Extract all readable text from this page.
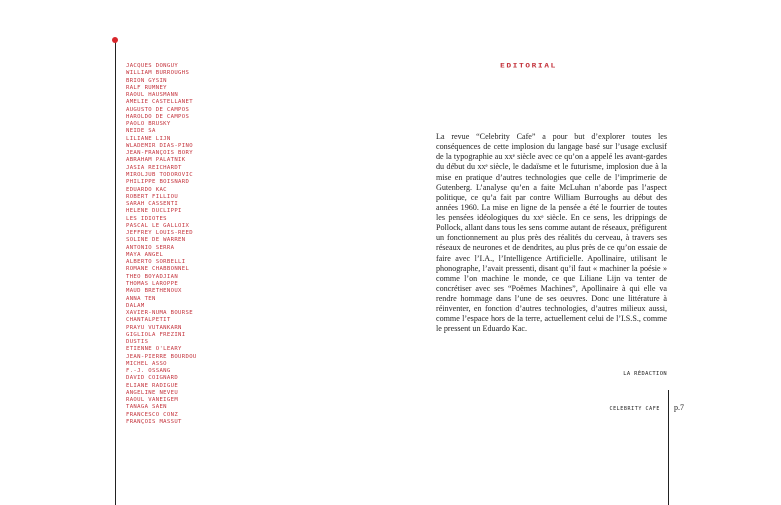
JACQUES DONGUY
WILLIAM BURROUGHS
BRION GYSIN
RALF RUMNEY
RAOUL HAUSMANN
AMELIE CASTELLANET
AUGUSTO DE CAMPOS
HAROLDO DE CAMPOS
PAOLO BRUSKY
NEIDE SA
LILIANE LIJN
WLADEMIR DIAS-PINO
JEAN-FRANÇOIS BORY
ABRAHAM PALATNIK
JASIA REICHARDT
MIROLJUB TODOROVIC
PHILIPPE BOISNARD
EDUARDO KAC
ROBERT FILLIOU
SARAH CASSENTI
HELENE DUCLIPPI
LES IDIOTES
PASCAL LE GALLOIX
JEFFREY LOUIS-REED
SOLINE DE WARREN
ANTONIO SERRA
MAYA ANGEL
ALBERTO SORBELLI
ROMANE CHABBONNEL
THEO BOYADJIAN
THOMAS LAROPPE
MAUD BRETHENOUX
ANNA TEN
DALAM
XAVIER-NUMA BOURSE
CHANTALPETIT
PRAYU VUTANKARN
GIGLIOLA FREZINI
DUSTIS
ETIENNE O'LEARY
JEAN-PIERRE BOURDOU
MICHEL ASSO
F.-J. OSSANG
DAVID COIGNARD
ELIANE RADIGUE
ANGELINE NEVEU
RAOUL VANEIGEM
TANAGA SAEN
FRANCESCO CONZ
FRANÇOIS MASSUT
EDITORIAL

La revue “Celebrity Cafe” a pour but d’explorer toutes les conséquences de cette implosion du langage basé sur l’usage exclusif de la typographie au xxᵉ siècle avec ce qu’on a appelé les avant-gardes du début du xxᵉ siècle, le dadaïsme et le futurisme, implosion due à la mise en pratique d’autres technologies que celle de l’imprimerie de Gutenberg. L’analyse qu’en a faite McLuhan n’aborde pas l’aspect politique, ce qu’a fait par contre William Burroughs au début des années 1960. La mise en ligne de la pensée a été le fourrier de toutes les pensées idéologiques du xxᵉ siècle. En ce sens, les drippings de Pollock, allant dans tous les sens comme autant de réseaux, préfigurent un fonctionnement au plus près des réalités du cerveau, à travers ses réseaux de neurones et de dendrites, au plus près de ce qu’on essaie de faire avec l’I.A., l’Intelligence Artificielle. Apollinaire, utilisant le phonographe, l’avait pressenti, disant qu’il faut « machiner la poésie » comme l’on machine le monde, ce que Liliane Lijn va tenter de concrétiser avec ses “Poëmes Machines”, Apollinaire à qui elle va rendre hommage dans l’une de ses oeuvres. Donc une littérature à réinventer, en fonction d’autres technologies, d’autres milieux aussi, comme l’espace hors de la terre, actuellement celui de l’I.S.S., comme le pressent un Eduardo Kac.

LA RÉDACTION
CELEBRITY CAFE p.7
